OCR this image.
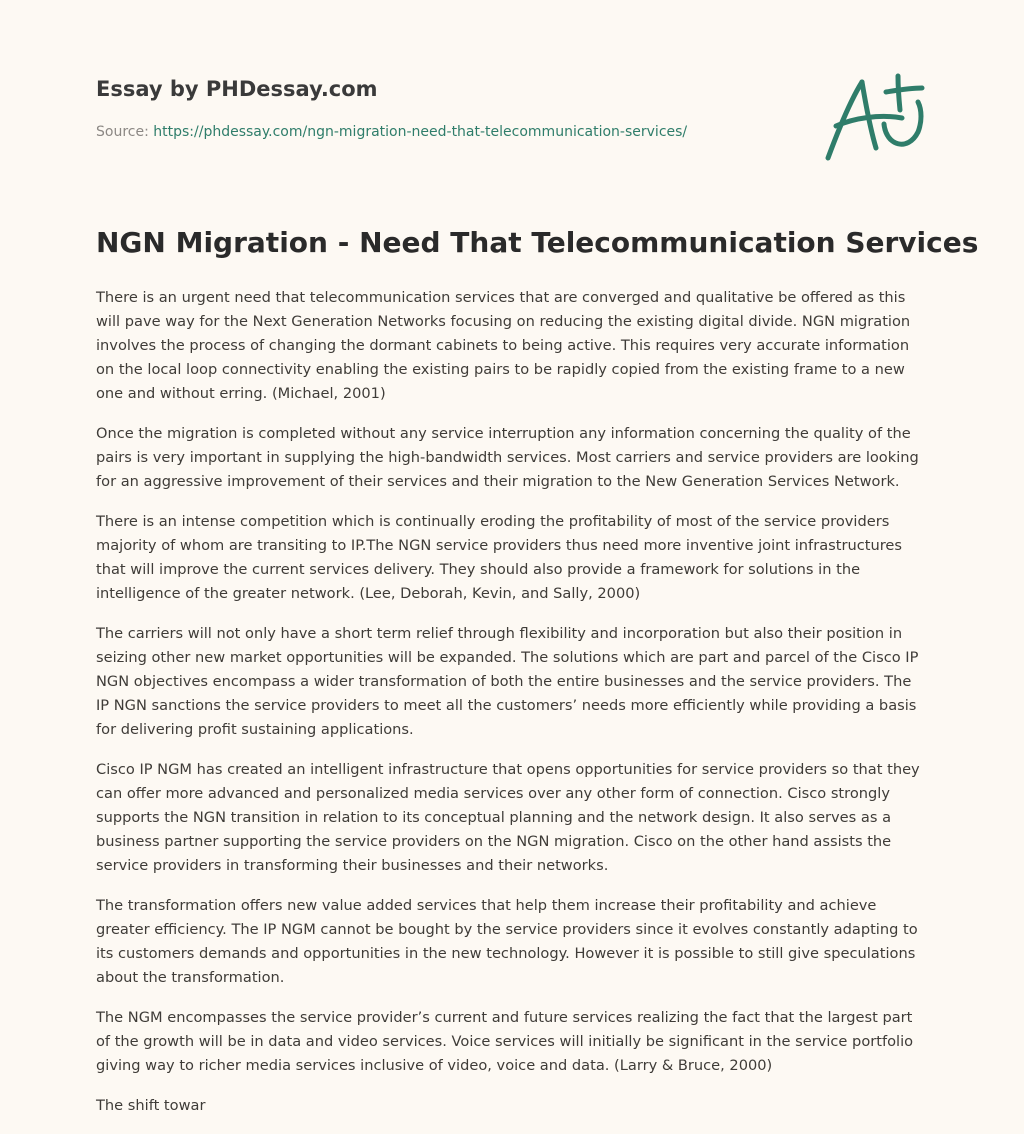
Essay by PHDessay.com
Source: https://phdessay.com/ngn-migration-need-that-telecommunication-services/
NGN Migration - Need That Telecommunication Services

There is an urgent need that telecommunication services that are converged and qualitative be offered as this will pave way for the Next Generation Networks focusing on reducing the existing digital divide. NGN migration involves the process of changing the dormant cabinets to being active. This requires very accurate information on the local loop connectivity enabling the existing pairs to be rapidly copied from the existing frame to a new one and without erring. (Michael, 2001)

Once the migration is completed without any service interruption any information concerning the quality of the pairs is very important in supplying the high-bandwidth services. Most carriers and service providers are looking for an aggressive improvement of their services and their migration to the New Generation Services Network.

There is an intense competition which is continually eroding the profitability of most of the service providers majority of whom are transiting to IP.The NGN service providers thus need more inventive joint infrastructures that will improve the current services delivery. They should also provide a framework for solutions in the intelligence of the greater network. (Lee, Deborah, Kevin, and Sally, 2000)

The carriers will not only have a short term relief through flexibility and incorporation but also their position in seizing other new market opportunities will be expanded. The solutions which are part and parcel of the Cisco IP NGN objectives encompass a wider transformation of both the entire businesses and the service providers. The IP NGN sanctions the service providers to meet all the customers’ needs more efficiently while providing a basis for delivering profit sustaining applications.

Cisco IP NGM has created an intelligent infrastructure that opens opportunities for service providers so that they can offer more advanced and personalized media services over any other form of connection. Cisco strongly supports the NGN transition in relation to its conceptual planning and the network design. It also serves as a business partner supporting the service providers on the NGN migration. Cisco on the other hand assists the service providers in transforming their businesses and their networks.

The transformation offers new value added services that help them increase their profitability and achieve greater efficiency. The IP NGM cannot be bought by the service providers since it evolves constantly adapting to its customers demands and opportunities in the new technology. However it is possible to still give speculations about the transformation.

The NGM encompasses the service provider’s current and future services realizing the fact that the largest part of the growth will be in data and video services. Voice services will initially be significant in the service portfolio giving way to richer media services inclusive of video, voice and data. (Larry & Bruce, 2000)

The shift towar
